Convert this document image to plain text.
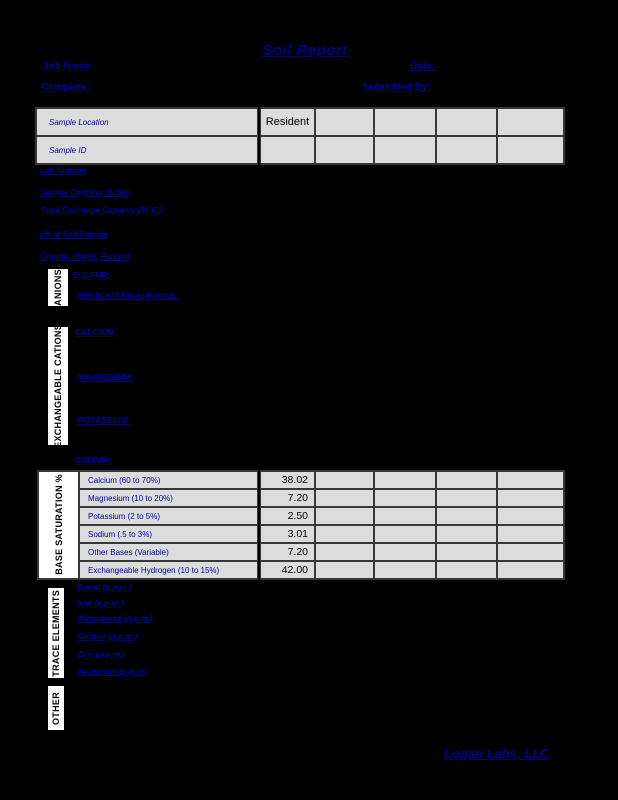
Soil Report
Job Name	Date:
Company:	Submitted By:
Sample Location	Resident				
Sample ID					
Lab Number
Sample Depth in inches
Total Exchange Capacity (M. E.)
pH of Soil Sample
Organic Matter, Percent
ANIONS SULFUR:
Mehlich III Phosphorous:
EXCHANGEABLE CATIONS CALCIUM:
MAGNESIUM:
POTASSIUM:
SODIUM:
BASE SATURATION %	Calcium (60 to 70%)	38.02				
	Magnesium (10 to 20%)	7.20				
	Potassium (2 to 5%)	2.50				
	Sodium (.5 to 3%)	3.01				
	Other Bases (Variable)	7.20				
	Exchangeable Hydrogen (10 to 15%)	42.00				
TRACE ELEMENTS
Boron (p.p.m.)
Iron (p.p.m.)
Manganese (p.p.m.)
Copper (p.p.m.)
Zinc (p.p.m.)
Aluminum (p.p.m.)
OTHER
Logan Labs, LLC
